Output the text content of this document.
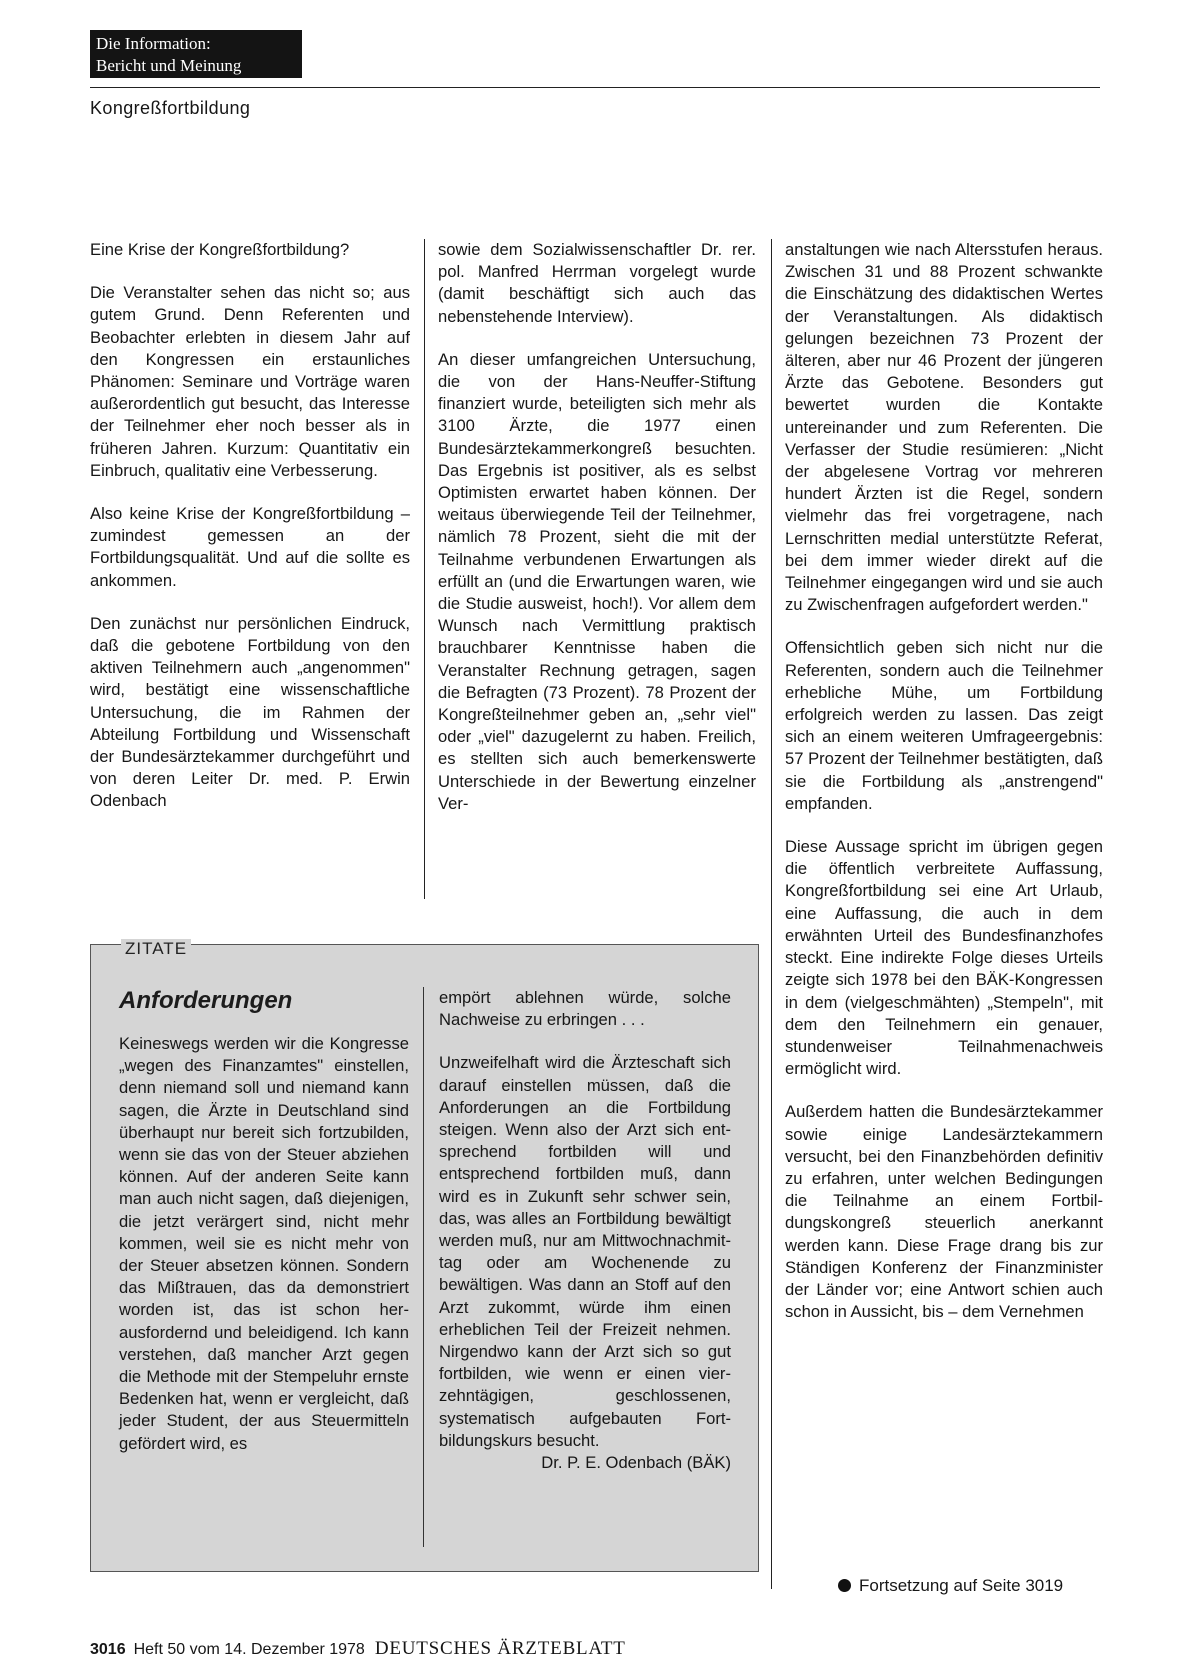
Die Information:
Bericht und Meinung
Kongreßfortbildung

Eine Krise der Kongreßfortbildung?

Die Veranstalter sehen das nicht so; aus gutem Grund. Denn Referenten und Beobachter erlebten in diesem Jahr auf den Kongressen ein erstaunliches Phänomen: Seminare und Vorträge waren außerordentlich gut besucht, das Interesse der Teilnehmer eher noch besser als in früheren Jahren. Kurzum: Quantitativ ein Einbruch, qualitativ eine Verbesserung.

Also keine Krise der Kongreßfortbildung – zumindest gemessen an der Fortbildungsqualität. Und auf die sollte es ankommen.

Den zunächst nur persönlichen Eindruck, daß die gebotene Fortbildung von den aktiven Teilnehmern auch „angenommen" wird, bestätigt eine wissenschaftliche Untersuchung, die im Rahmen der Abteilung Fortbildung und Wissenschaft der Bundesärztekammer durchgeführt und von deren Leiter Dr. med. P. Erwin Odenbach

sowie dem Sozialwissenschaftler Dr. rer. pol. Manfred Herrman vorgelegt wurde (damit beschäftigt sich auch das nebenstehende Interview).

An dieser umfangreichen Untersuchung, die von der Hans-Neuffer-Stiftung finanziert wurde, beteiligten sich mehr als 3100 Ärzte, die 1977 einen Bundesärztekammerkongreß besuchten. Das Ergebnis ist positiver, als es selbst Optimisten erwartet haben können. Der weitaus überwiegende Teil der Teilnehmer, nämlich 78 Prozent, sieht die mit der Teilnahme verbundenen Erwartungen als erfüllt an (und die Erwartungen waren, wie die Studie ausweist, hoch!). Vor allem dem Wunsch nach Vermittlung praktisch brauchbarer Kenntnisse haben die Veranstalter Rechnung getragen, sagen die Befragten (73 Prozent). 78 Prozent der Kongreßteilnehmer geben an, „sehr viel" oder „viel" dazugelernt zu haben. Freilich, es stellten sich auch bemerkenswerte Unterschiede in der Bewertung einzelner Ver-

anstaltungen wie nach Altersstufen heraus. Zwischen 31 und 88 Prozent schwankte die Einschätzung des didaktischen Wertes der Veranstaltungen. Als didaktisch gelungen bezeichnen 73 Prozent der älteren, aber nur 46 Prozent der jüngeren Ärzte das Gebotene. Besonders gut bewertet wurden die Kontakte untereinander und zum Referenten. Die Verfasser der Studie resümieren: „Nicht der abgelesene Vortrag vor mehreren hundert Ärzten ist die Regel, sondern vielmehr das frei vorgetragene, nach Lernschritten medial unterstützte Referat, bei dem immer wieder direkt auf die Teilnehmer eingegangen wird und sie auch zu Zwischenfragen aufgefordert werden."

Offensichtlich geben sich nicht nur die Referenten, sondern auch die Teilnehmer erhebliche Mühe, um Fortbildung erfolgreich werden zu lassen. Das zeigt sich an einem weiteren Umfrageergebnis: 57 Prozent der Teilnehmer bestätigten, daß sie die Fortbildung als „anstrengend" empfanden.

Diese Aussage spricht im übrigen gegen die öffentlich verbreitete Auffassung, Kongreßfortbildung sei eine Art Urlaub, eine Auffassung, die auch in dem erwähnten Urteil des Bundesfinanzhofes steckt. Eine indirekte Folge dieses Urteils zeigte sich 1978 bei den BÄK-Kongressen in dem (vielgeschmähten) „Stempeln", mit dem den Teilnehmern ein genauer, stundenweiser Teilnahmenachweis ermöglicht wird.

Außerdem hatten die Bundesärztekammer sowie einige Landesärztekammern versucht, bei den Finanzbehörden definitiv zu erfahren, unter welchen Bedingungen die Teilnahme an einem Fortbildungskongreß steuerlich anerkannt werden kann. Diese Frage drang bis zur Ständigen Konferenz der Finanzminister der Länder vor; eine Antwort schien auch schon in Aussicht, bis – dem Vernehmen

ZITATE
Anforderungen

Keineswegs werden wir die Kongresse „wegen des Finanzamtes" einstellen, denn niemand soll und niemand kann sagen, die Ärzte in Deutschland sind überhaupt nur bereit sich fortzubilden, wenn sie das von der Steuer abziehen können. Auf der anderen Seite kann man auch nicht sagen, daß diejenigen, die jetzt verärgert sind, nicht mehr kommen, weil sie es nicht mehr von der Steuer absetzen können. Sondern das Mißtrauen, das da demonstriert worden ist, das ist schon herausfordernd und beleidigend. Ich kann verstehen, daß mancher Arzt gegen die Methode mit der Stempeluhr ernste Bedenken hat, wenn er vergleicht, daß jeder Student, der aus Steuermitteln gefördert wird, es

empört ablehnen würde, solche Nachweise zu erbringen . . .

Unzweifelhaft wird die Ärzteschaft sich darauf einstellen müssen, daß die Anforderungen an die Fortbildung steigen. Wenn also der Arzt sich entsprechend fortbilden will und entsprechend fortbilden muß, dann wird es in Zukunft sehr schwer sein, das, was alles an Fortbildung bewältigt werden muß, nur am Mittwochnachmittag oder am Wochenende zu bewältigen. Was dann an Stoff auf den Arzt zukommt, würde ihm einen erheblichen Teil der Freizeit nehmen. Nirgendwo kann der Arzt sich so gut fortbilden, wie wenn er einen vierzehntägigen, geschlossenen, systematisch aufgebauten Fortbildungskurs besucht.

Dr. P. E. Odenbach (BÄK)

Fortsetzung auf Seite 3019
3016 Heft 50 vom 14. Dezember 1978 DEUTSCHES ÄRZTEBLATT
